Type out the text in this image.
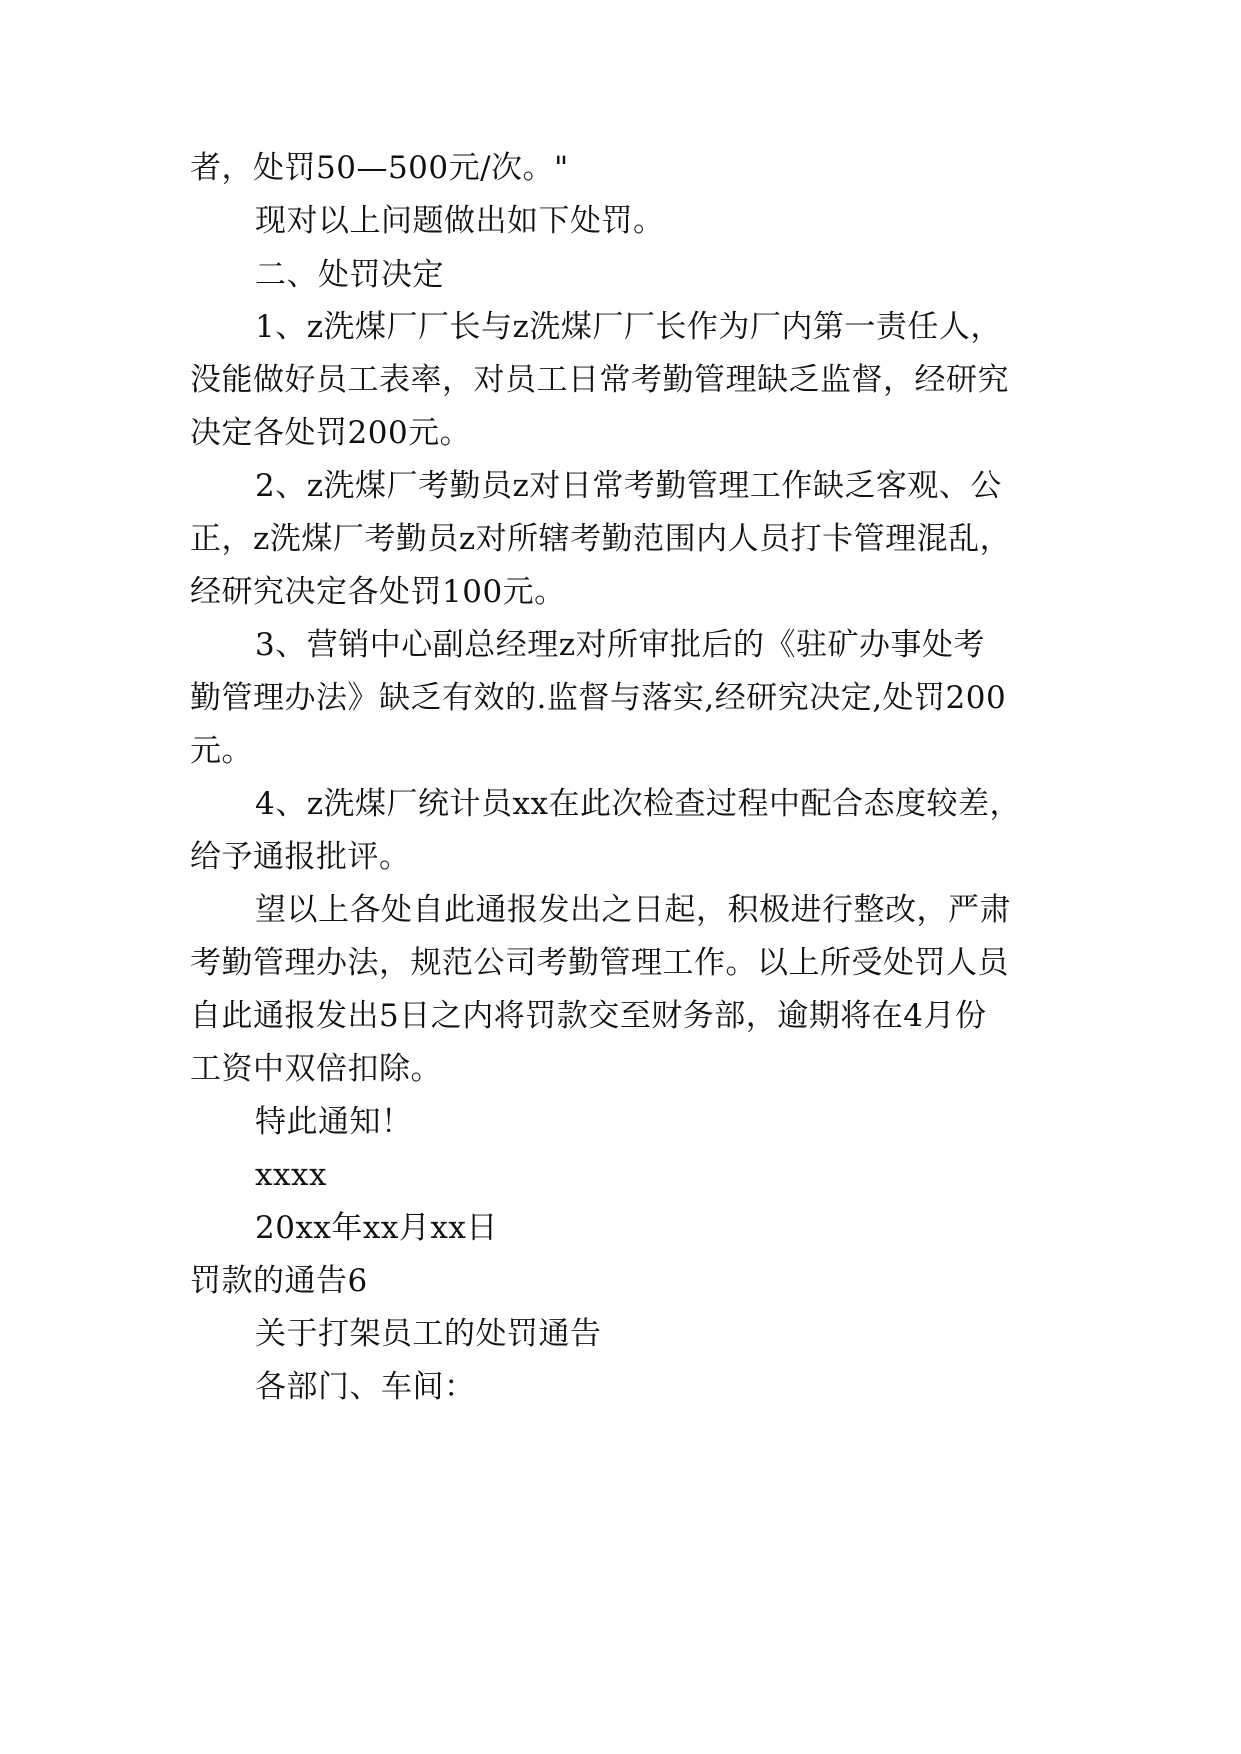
者，处罚50—500元/次。"
现对以上问题做出如下处罚。
二、处罚决定
1、z洗煤厂厂长与z洗煤厂厂长作为厂内第一责任人，
没能做好员工表率，对员工日常考勤管理缺乏监督，经研究
决定各处罚200元。
2、z洗煤厂考勤员z对日常考勤管理工作缺乏客观、公
正，z洗煤厂考勤员z对所辖考勤范围内人员打卡管理混乱，
经研究决定各处罚100元。
3、营销中心副总经理z对所审批后的《驻矿办事处考
勤管理办法》缺乏有效的.监督与落实,经研究决定,处罚200
元。
4、z洗煤厂统计员xx在此次检查过程中配合态度较差，
给予通报批评。
望以上各处自此通报发出之日起，积极进行整改，严肃
考勤管理办法，规范公司考勤管理工作。以上所受处罚人员
自此通报发出5日之内将罚款交至财务部，逾期将在4月份
工资中双倍扣除。
特此通知！
xxxx
20xx年xx月xx日
罚款的通告6
关于打架员工的处罚通告
各部门、车间：
